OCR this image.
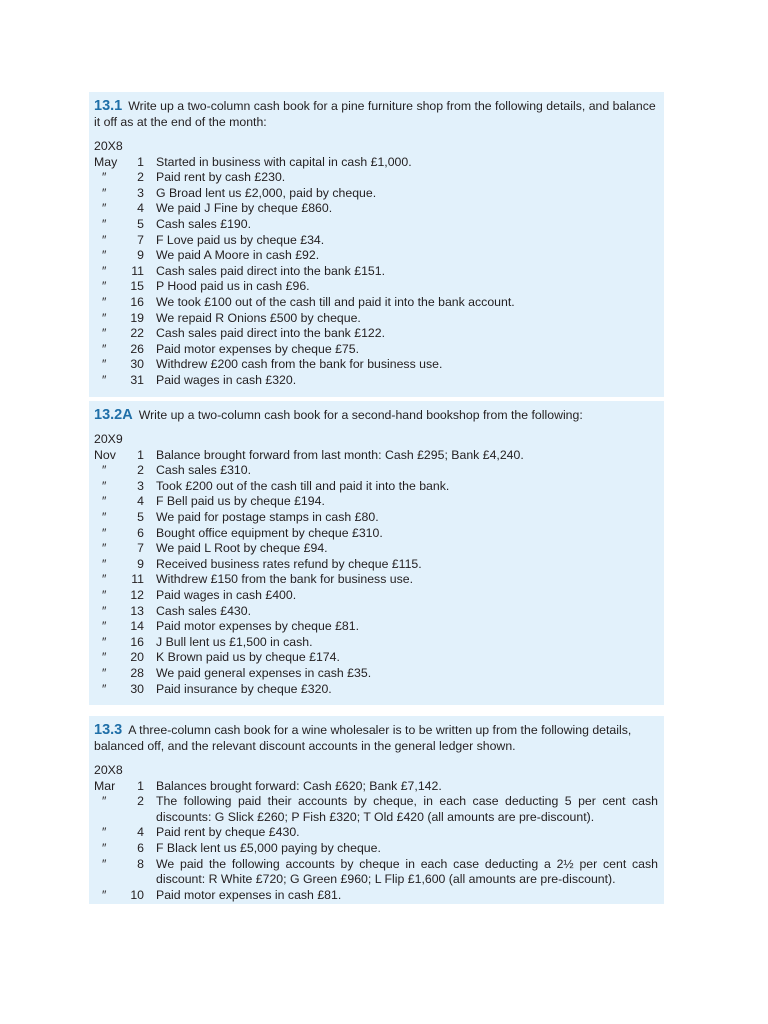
13.1 Write up a two-column cash book for a pine furniture shop from the following details, and balance it off as at the end of the month:

20X8
May	1 Started in business with capital in cash £1,000.
″	2 Paid rent by cash £230.
″	3 G Broad lent us £2,000, paid by cheque.
″	4 We paid J Fine by cheque £860.
″	5 Cash sales £190.
″	7 F Love paid us by cheque £34.
″	9 We paid A Moore in cash £92.
″	11 Cash sales paid direct into the bank £151.
″	15 P Hood paid us in cash £96.
″	16 We took £100 out of the cash till and paid it into the bank account.
″	19 We repaid R Onions £500 by cheque.
″	22 Cash sales paid direct into the bank £122.
″	26 Paid motor expenses by cheque £75.
″	30 Withdrew £200 cash from the bank for business use.
″	31 Paid wages in cash £320.

13.2A Write up a two-column cash book for a second-hand bookshop from the following:

20X9
Nov	1 Balance brought forward from last month: Cash £295; Bank £4,240.
″	2 Cash sales £310.
″	3 Took £200 out of the cash till and paid it into the bank.
″	4 F Bell paid us by cheque £194.
″	5 We paid for postage stamps in cash £80.
″	6 Bought office equipment by cheque £310.
″	7 We paid L Root by cheque £94.
″	9 Received business rates refund by cheque £115.
″	11 Withdrew £150 from the bank for business use.
″	12 Paid wages in cash £400.
″	13 Cash sales £430.
″	14 Paid motor expenses by cheque £81.
″	16 J Bull lent us £1,500 in cash.
″	20 K Brown paid us by cheque £174.
″	28 We paid general expenses in cash £35.
″	30 Paid insurance by cheque £320.

13.3 A three-column cash book for a wine wholesaler is to be written up from the following details, balanced off, and the relevant discount accounts in the general ledger shown.

20X8
Mar	1 Balances brought forward: Cash £620; Bank £7,142.
″	2 The following paid their accounts by cheque, in each case deducting 5 per cent cash discounts: G Slick £260; P Fish £320; T Old £420 (all amounts are pre-discount).
″	4 Paid rent by cheque £430.
″	6 F Black lent us £5,000 paying by cheque.
″	8 We paid the following accounts by cheque in each case deducting a 2½ per cent cash discount: R White £720; G Green £960; L Flip £1,600 (all amounts are pre-discount).
″	10 Paid motor expenses in cash £81.
